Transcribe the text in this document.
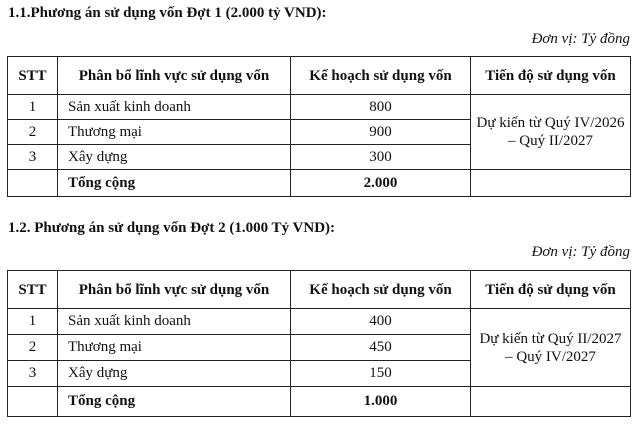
1.1.Phương án sử dụng vốn Đợt 1 (2.000 tỷ VND):
Đơn vị: Tỷ đồng
STT	Phân bổ lĩnh vực sử dụng vốn	Kế hoạch sử dụng vốn	Tiến độ sử dụng vốn
1	Sản xuất kinh doanh	800	Dự kiến từ Quý IV/2026 – Quý II/2027
2	Thương mại	900	
3	Xây dựng	300	
	Tổng cộng	2.000	
1.2. Phương án sử dụng vốn Đợt 2 (1.000 Tỷ VND):
Đơn vị: Tỷ đồng
STT	Phân bổ lĩnh vực sử dụng vốn	Kế hoạch sử dụng vốn	Tiến độ sử dụng vốn
1	Sản xuất kinh doanh	400	Dự kiến từ Quý II/2027 – Quý IV/2027
2	Thương mại	450	
3	Xây dựng	150	
	Tổng cộng	1.000	
